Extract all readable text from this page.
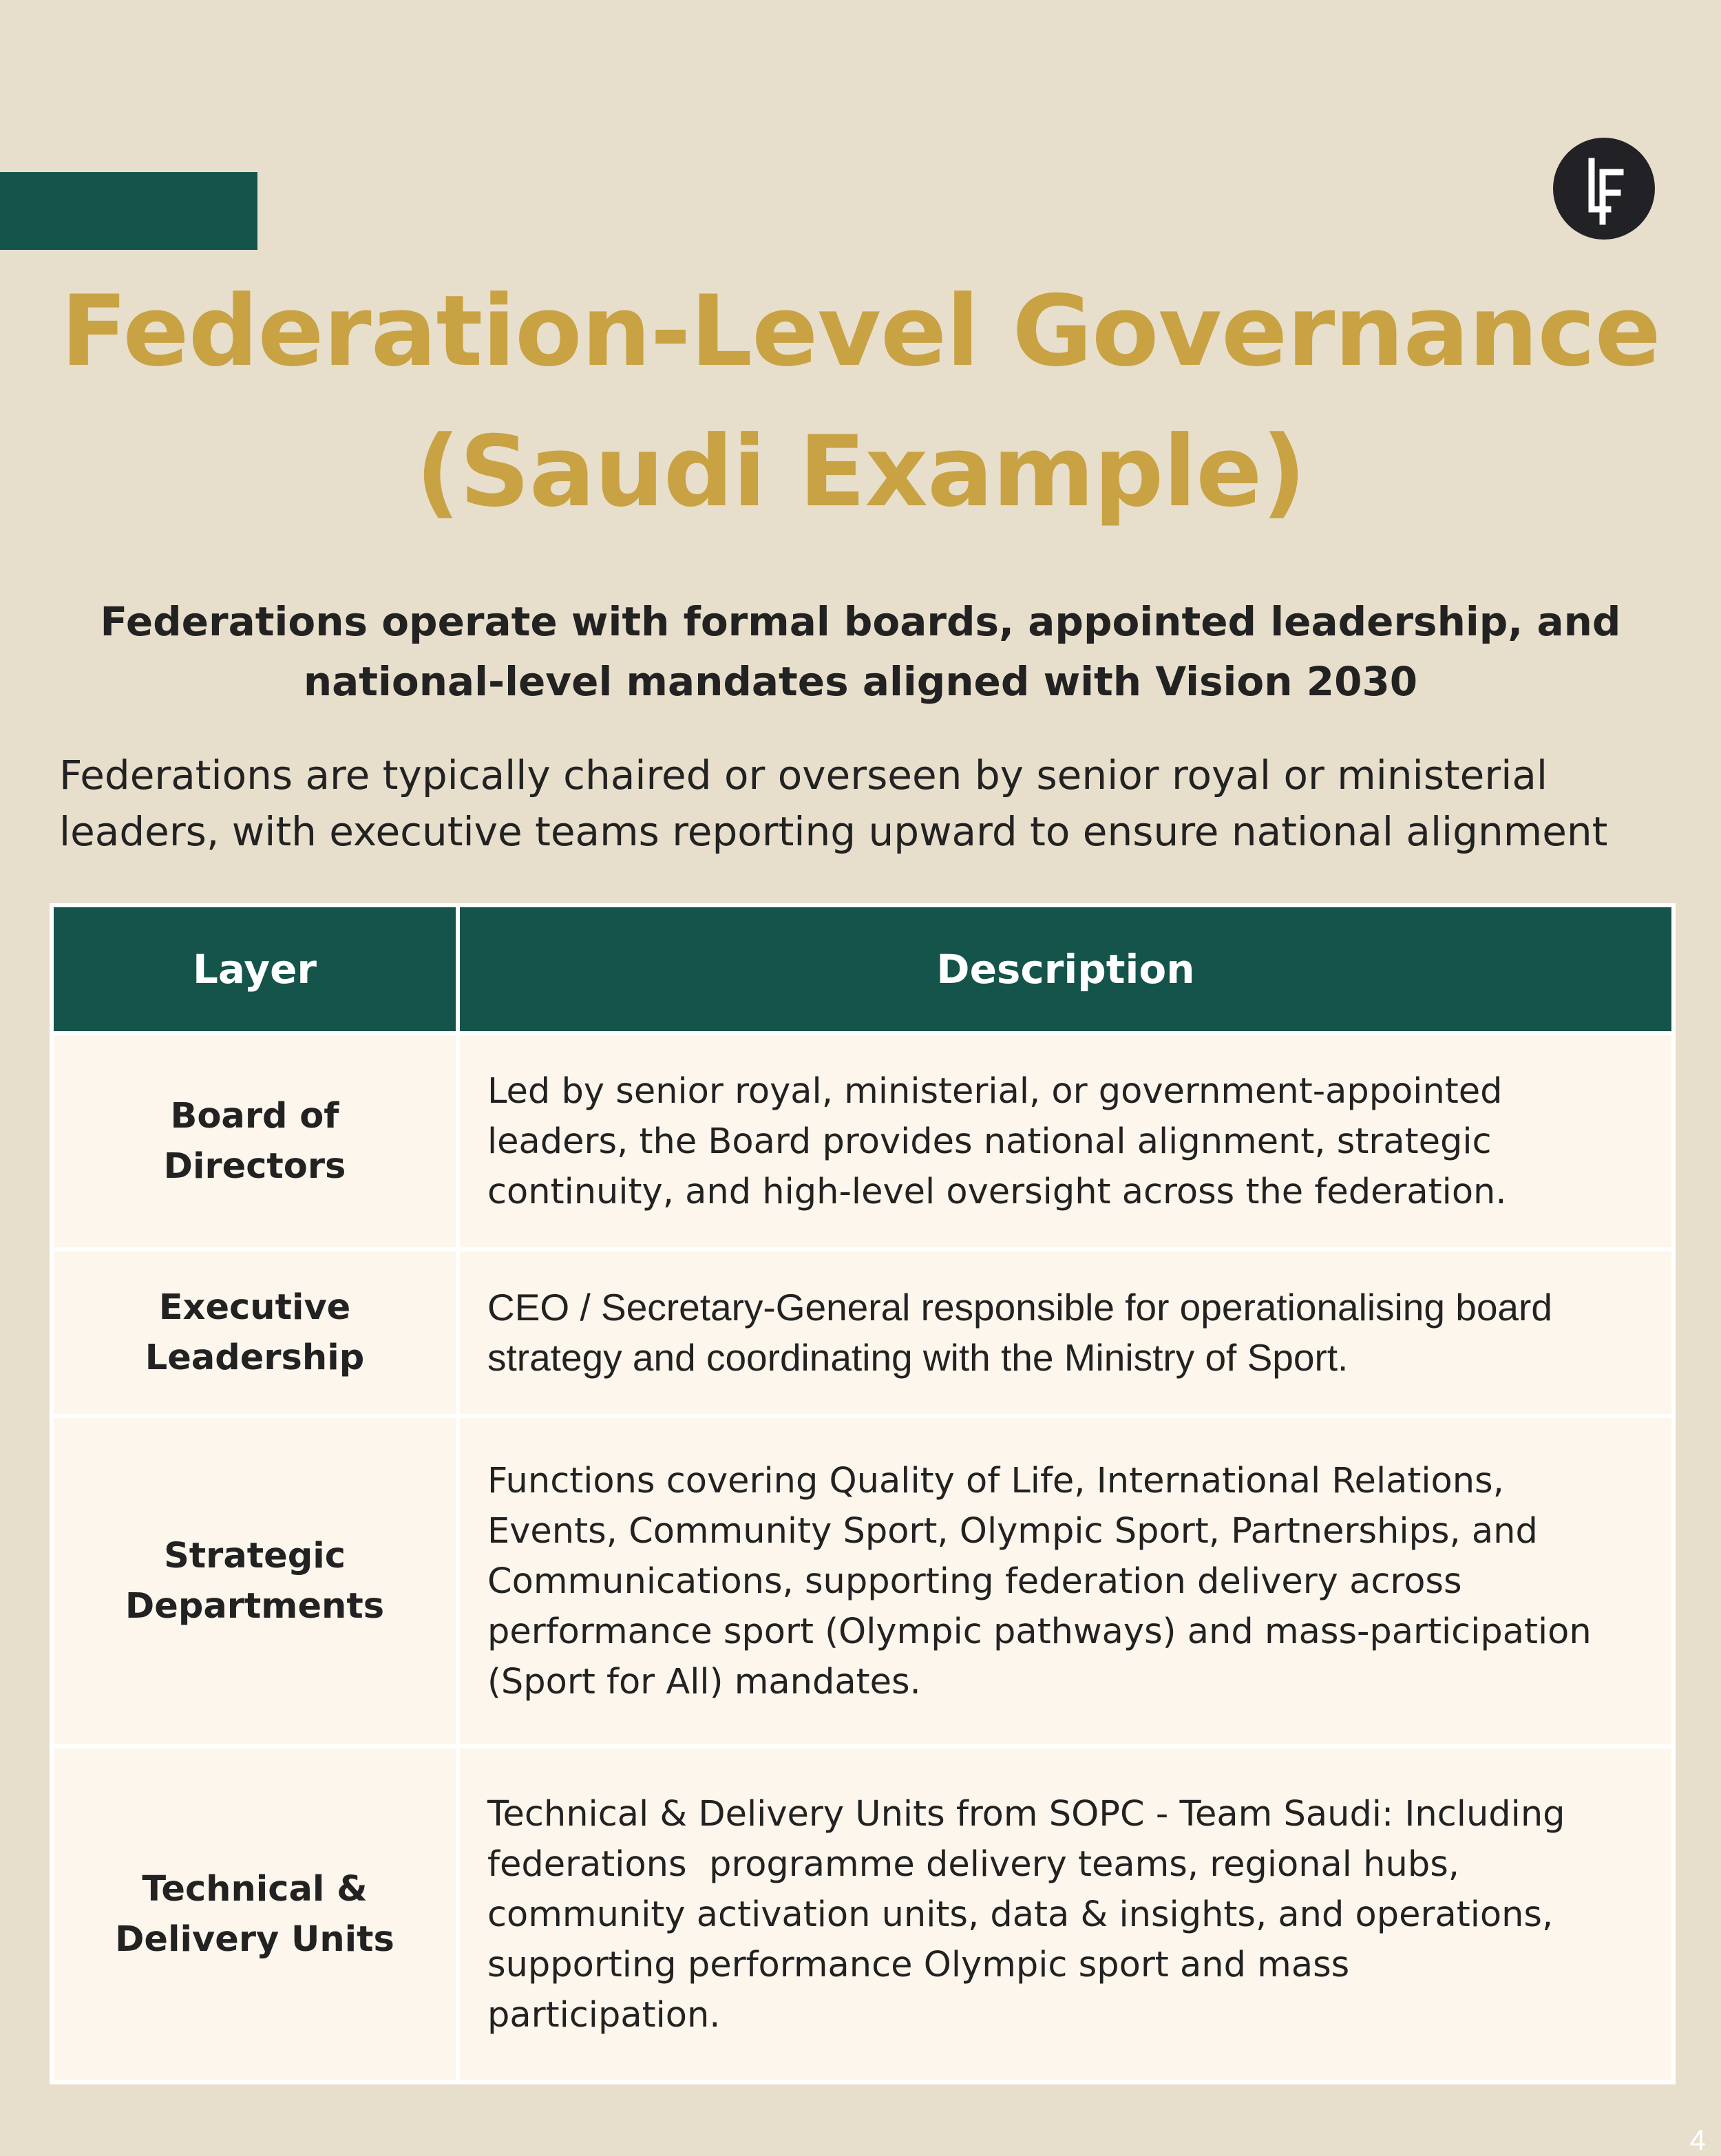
Federation-Level Governance
(Saudi Example)

Federations operate with formal boards, appointed leadership, and
national-level mandates aligned with Vision 2030

Federations are typically chaired or overseen by senior royal or ministerial
leaders, with executive teams reporting upward to ensure national alignment

Layer	Description
Board of
Directors	Led by senior royal, ministerial, or government-appointed
leaders, the Board provides national alignment, strategic
continuity, and high-level oversight across the federation.
Executive
Leadership	CEO / Secretary-General responsible for operationalising board
strategy and coordinating with the Ministry of Sport.
Strategic
Departments	Functions covering Quality of Life, International Relations,
Events, Community Sport, Olympic Sport, Partnerships, and
Communications, supporting federation delivery across
performance sport (Olympic pathways) and mass-participation
(Sport for All) mandates.
Technical &
Delivery Units	Technical & Delivery Units from SOPC - Team Saudi: Including
federations  programme delivery teams, regional hubs,
community activation units, data & insights, and operations,
supporting performance Olympic sport and mass
participation.
4
